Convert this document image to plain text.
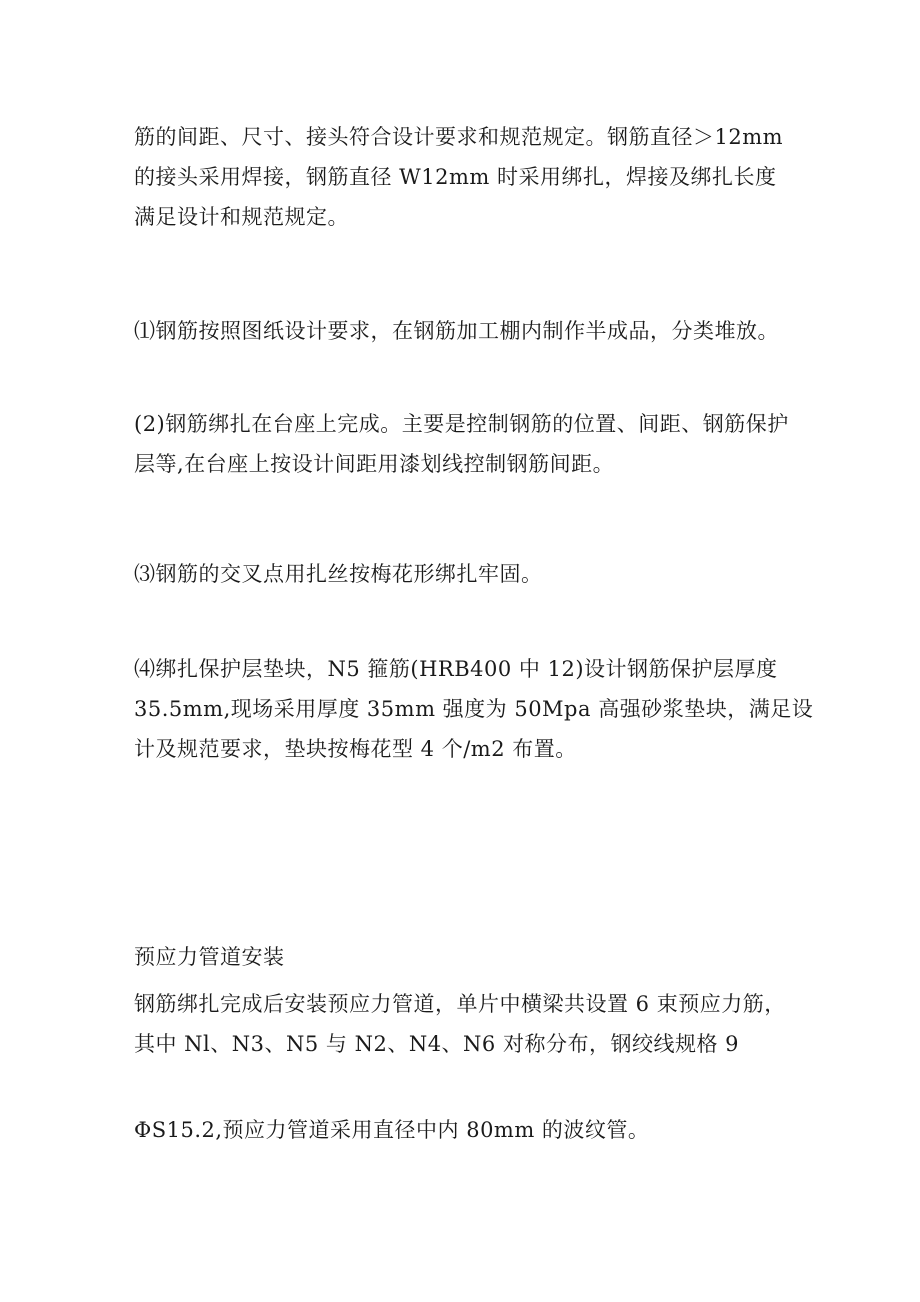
筋的间距、尺寸、接头符合设计要求和规范规定。钢筋直径＞12mm
的接头采用焊接，钢筋直径 W12mm 时采用绑扎，焊接及绑扎长度
满足设计和规范规定。

⑴钢筋按照图纸设计要求，在钢筋加工棚内制作半成品，分类堆放。

(2)钢筋绑扎在台座上完成。主要是控制钢筋的位置、间距、钢筋保护
层等,在台座上按设计间距用漆划线控制钢筋间距。

⑶钢筋的交叉点用扎丝按梅花形绑扎牢固。

⑷绑扎保护层垫块，N5 箍筋(HRB400 中 12)设计钢筋保护层厚度
35.5mm,现场采用厚度 35mm 强度为 50Mpa 高强砂浆垫块，满足设
计及规范要求，垫块按梅花型 4 个/m2 布置。

预应力管道安装

钢筋绑扎完成后安装预应力管道，单片中横梁共设置 6 束预应力筋，
其中 Nl、N3、N5 与 N2、N4、N6 对称分布，钢绞线规格 9

ΦS15.2,预应力管道采用直径中内 80mm 的波纹管。
